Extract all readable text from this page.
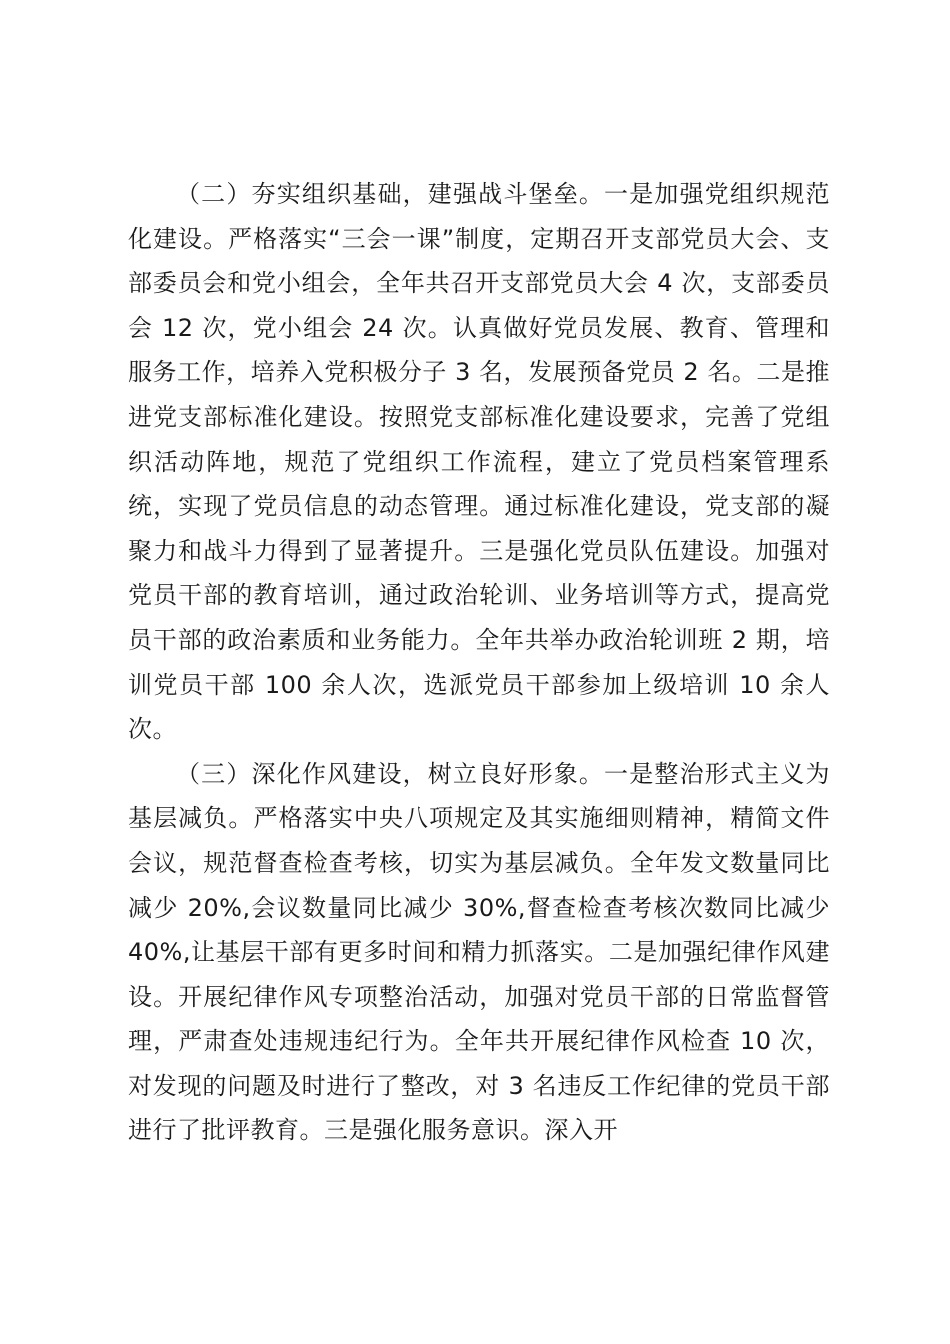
（二）夯实组织基础，建强战斗堡垒。一是加强党组织规范化建设。严格落实“三会一课”制度，定期召开支部党员大会、支部委员会和党小组会，全年共召开支部党员大会 4 次，支部委员会 12 次，党小组会 24 次。认真做好党员发展、教育、管理和服务工作，培养入党积极分子 3 名，发展预备党员 2 名。二是推进党支部标准化建设。按照党支部标准化建设要求，完善了党组织活动阵地，规范了党组织工作流程，建立了党员档案管理系统，实现了党员信息的动态管理。通过标准化建设，党支部的凝聚力和战斗力得到了显著提升。三是强化党员队伍建设。加强对党员干部的教育培训，通过政治轮训、业务培训等方式，提高党员干部的政治素质和业务能力。全年共举办政治轮训班 2 期，培训党员干部 100 余人次，选派党员干部参加上级培训 10 余人次。

（三）深化作风建设，树立良好形象。一是整治形式主义为基层减负。严格落实中央八项规定及其实施细则精神，精简文件会议，规范督查检查考核，切实为基层减负。全年发文数量同比减少 20%,会议数量同比减少 30%,督查检查考核次数同比减少 40%,让基层干部有更多时间和精力抓落实。二是加强纪律作风建设。开展纪律作风专项整治活动，加强对党员干部的日常监督管理，严肃查处违规违纪行为。全年共开展纪律作风检查 10 次，对发现的问题及时进行了整改，对 3 名违反工作纪律的党员干部进行了批评教育。三是强化服务意识。深入开
